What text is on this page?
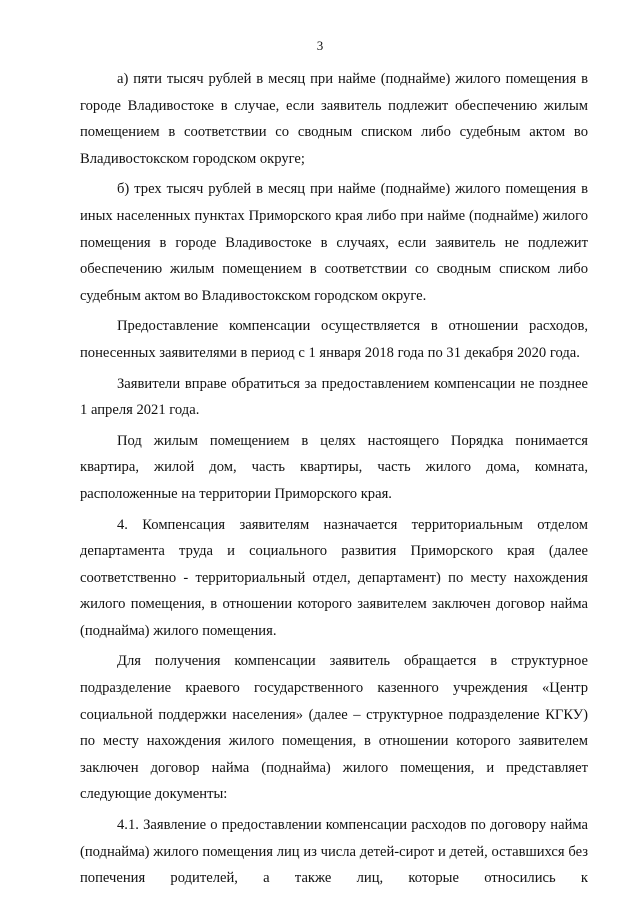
3

а) пяти тысяч рублей в месяц при найме (поднайме) жилого помещения в городе Владивостоке в случае, если заявитель подлежит обеспечению жилым помещением в соответствии со сводным списком либо судебным актом во Владивостокском городском округе;

б) трех тысяч рублей в месяц при найме (поднайме) жилого помещения в иных населенных пунктах Приморского края либо при найме (поднайме) жилого помещения в городе Владивостоке в случаях, если заявитель не подлежит обеспечению жилым помещением в соответствии со сводным списком либо судебным актом во Владивостокском городском округе.

Предоставление компенсации осуществляется в отношении расходов, понесенных заявителями в период с 1 января 2018 года по 31 декабря 2020 года.

Заявители вправе обратиться за предоставлением компенсации не позднее 1 апреля 2021 года.

Под жилым помещением в целях настоящего Порядка понимается квартира, жилой дом, часть квартиры, часть жилого дома, комната, расположенные на территории Приморского края.

4. Компенсация заявителям назначается территориальным отделом департамента труда и социального развития Приморского края (далее соответственно - территориальный отдел, департамент) по месту нахождения жилого помещения, в отношении которого заявителем заключен договор найма (поднайма) жилого помещения.

Для получения компенсации заявитель обращается в структурное подразделение краевого государственного казенного учреждения «Центр социальной поддержки населения» (далее – структурное подразделение КГКУ) по месту нахождения жилого помещения, в отношении которого заявителем заключен договор найма (поднайма) жилого помещения, и представляет следующие документы:

4.1. Заявление о предоставлении компенсации расходов по договору найма (поднайма) жилого помещения лиц из числа детей-сирот и детей, оставшихся без попечения родителей, а также лиц, которые относились к
